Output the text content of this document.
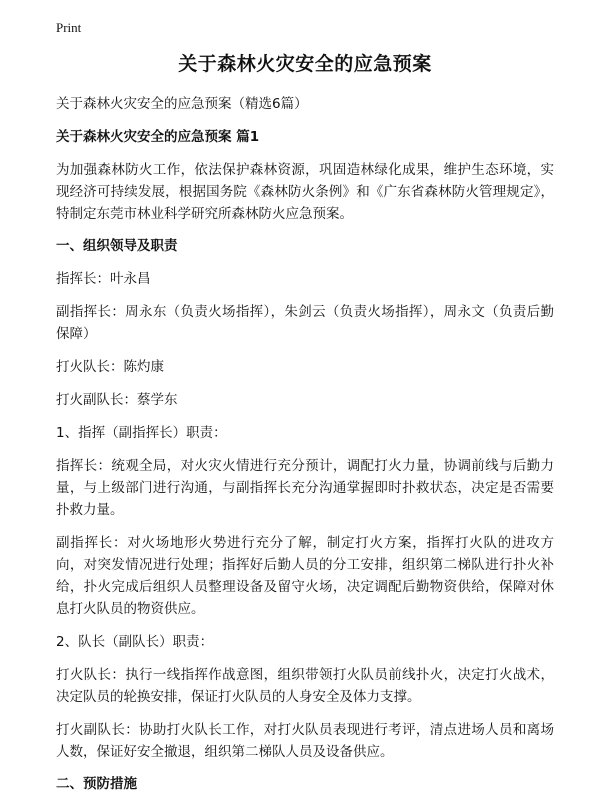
Print
关于森林火灾安全的应急预案

关于森林火灾安全的应急预案（精选6篇）

关于森林火灾安全的应急预案 篇1

为加强森林防火工作，依法保护森林资源，巩固造林绿化成果，维护生态环境，实现经济可持续发展，根据国务院《森林防火条例》和《广东省森林防火管理规定》，特制定东莞市林业科学研究所森林防火应急预案。

一、组织领导及职责

指挥长：叶永昌

副指挥长：周永东（负责火场指挥），朱剑云（负责火场指挥），周永文（负责后勤保障）

打火队长：陈灼康

打火副队长：蔡学东

1、指挥（副指挥长）职责：

指挥长：统观全局，对火灾火情进行充分预计，调配打火力量，协调前线与后勤力量，与上级部门进行沟通，与副指挥长充分沟通掌握即时扑救状态，决定是否需要扑救力量。

副指挥长：对火场地形火势进行充分了解，制定打火方案，指挥打火队的进攻方向，对突发情况进行处理；指挥好后勤人员的分工安排，组织第二梯队进行扑火补给，扑火完成后组织人员整理设备及留守火场，决定调配后勤物资供给，保障对休息打火队员的物资供应。

2、队长（副队长）职责：

打火队长：执行一线指挥作战意图，组织带领打火队员前线扑火，决定打火战术，决定队员的轮换安排，保证打火队员的人身安全及体力支撑。

打火副队长：协助打火队长工作，对打火队员表现进行考评，清点进场人员和离场人数，保证好安全撤退，组织第二梯队人员及设备供应。

二、预防措施
